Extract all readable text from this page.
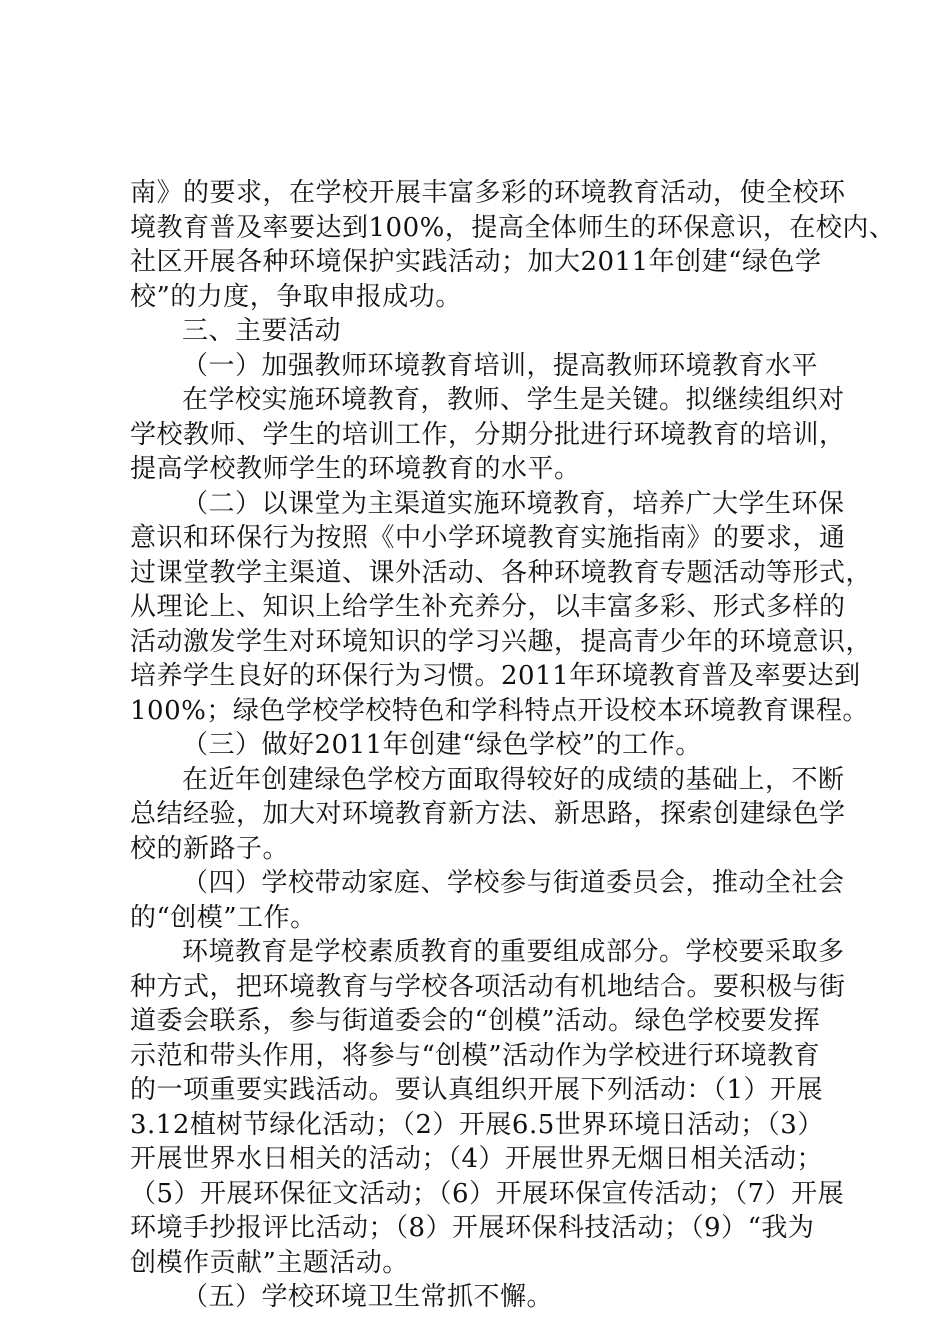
南》的要求，在学校开展丰富多彩的环境教育活动，使全校环
境教育普及率要达到100%，提高全体师生的环保意识，在校内、
社区开展各种环境保护实践活动；加大2011年创建“绿色学
校”的力度，争取申报成功。
三、主要活动
（一）加强教师环境教育培训，提高教师环境教育水平
在学校实施环境教育，教师、学生是关键。拟继续组织对
学校教师、学生的培训工作，分期分批进行环境教育的培训，
提高学校教师学生的环境教育的水平。
（二）以课堂为主渠道实施环境教育，培养广大学生环保
意识和环保行为按照《中小学环境教育实施指南》的要求，通
过课堂教学主渠道、课外活动、各种环境教育专题活动等形式，
从理论上、知识上给学生补充养分，以丰富多彩、形式多样的
活动激发学生对环境知识的学习兴趣，提高青少年的环境意识，
培养学生良好的环保行为习惯。2011年环境教育普及率要达到
100%；绿色学校学校特色和学科特点开设校本环境教育课程。
（三）做好2011年创建“绿色学校”的工作。
在近年创建绿色学校方面取得较好的成绩的基础上，不断
总结经验，加大对环境教育新方法、新思路，探索创建绿色学
校的新路子。
（四）学校带动家庭、学校参与街道委员会，推动全社会
的“创模”工作。
环境教育是学校素质教育的重要组成部分。学校要采取多
种方式，把环境教育与学校各项活动有机地结合。要积极与街
道委会联系，参与街道委会的“创模”活动。绿色学校要发挥
示范和带头作用，将参与“创模”活动作为学校进行环境教育
的一项重要实践活动。要认真组织开展下列活动：（1）开展
3.12植树节绿化活动；（2）开展6.5世界环境日活动；（3）
开展世界水日相关的活动；（4）开展世界无烟日相关活动；
（5）开展环保征文活动；（6）开展环保宣传活动；（7）开展
环境手抄报评比活动；（8）开展环保科技活动；（9）“我为
创模作贡献”主题活动。
（五）学校环境卫生常抓不懈。
